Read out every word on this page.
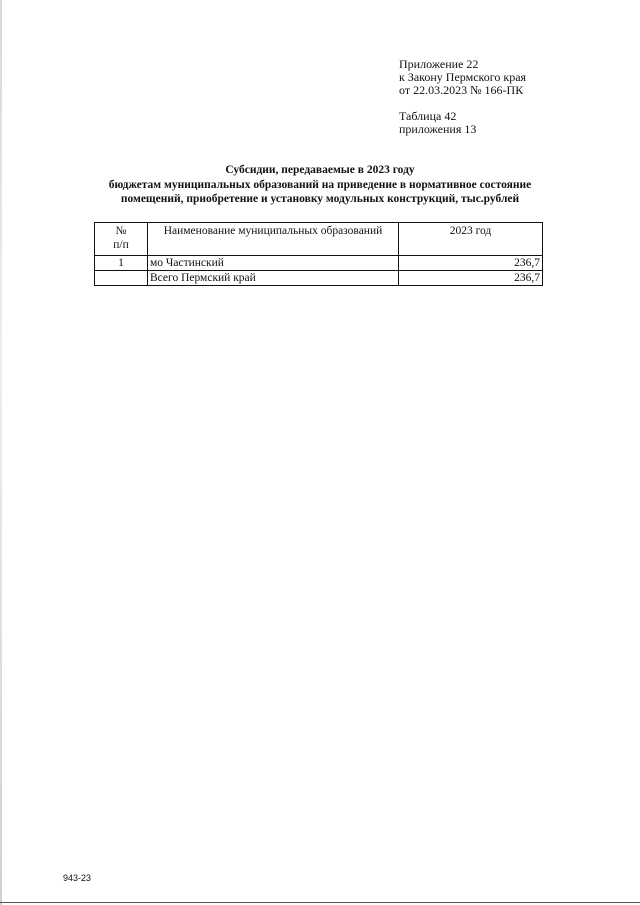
Приложение 22
к Закону Пермского края
от 22.03.2023 № 166-ПК
Таблица 42
приложения 13
Субсидии, передаваемые в 2023 году
бюджетам муниципальных образований на приведение в нормативное состояние
помещений, приобретение и установку модульных конструкций, тыс.рублей
№
п/п	Наименование муниципальных образований	2023 год
1	мо Частинский	236,7
	Всего Пермский край	236,7
943-23
